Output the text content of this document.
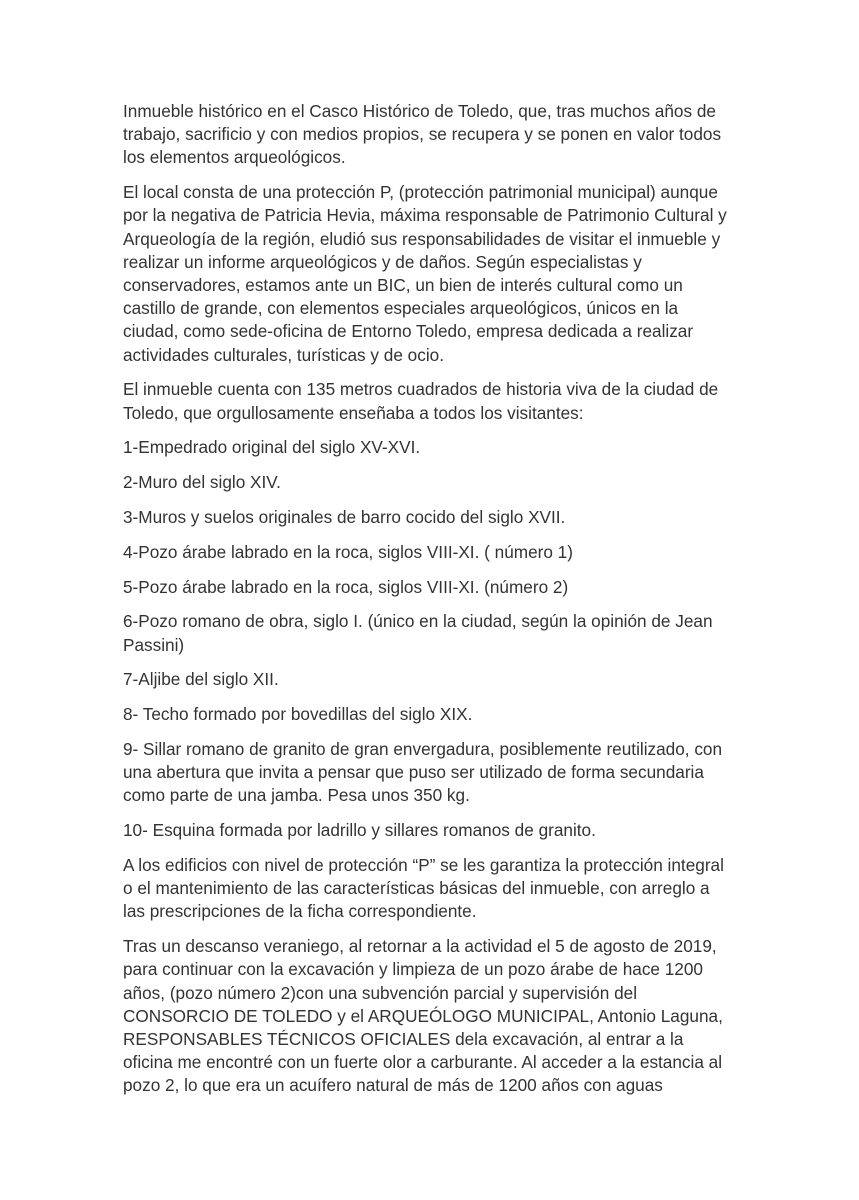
Inmueble histórico en el Casco Histórico de Toledo, que, tras muchos años de trabajo, sacrificio y con medios propios, se recupera y se ponen en valor todos los elementos arqueológicos.

El local consta de una protección P, (protección patrimonial municipal) aunque por la negativa de Patricia Hevia, máxima responsable de Patrimonio Cultural y Arqueología de la región, eludió sus responsabilidades de visitar el inmueble y realizar un informe arqueológicos y de daños. Según especialistas y conservadores, estamos ante un BIC, un bien de interés cultural como un castillo de grande, con elementos especiales arqueológicos, únicos en la ciudad, como sede-oficina de Entorno Toledo, empresa dedicada a realizar actividades culturales, turísticas y de ocio.

El inmueble cuenta con 135 metros cuadrados de historia viva de la ciudad de Toledo, que orgullosamente enseñaba a todos los visitantes:

1-Empedrado original del siglo XV-XVI.

2-Muro del siglo XIV.

3-Muros y suelos originales de barro cocido del siglo XVII.

4-Pozo árabe labrado en la roca, siglos VIII-XI. ( número 1)

5-Pozo árabe labrado en la roca, siglos VIII-XI. (número 2)

6-Pozo romano de obra, siglo I. (único en la ciudad, según la opinión de Jean Passini)

7-Aljibe del siglo XII.

8- Techo formado por bovedillas del siglo XIX.

9- Sillar romano de granito de gran envergadura, posiblemente reutilizado, con una abertura que invita a pensar que puso ser utilizado de forma secundaria como parte de una jamba. Pesa unos 350 kg.

10- Esquina formada por ladrillo y sillares romanos de granito.

A los edificios con nivel de protección “P” se les garantiza la protección integral o el mantenimiento de las características básicas del inmueble, con arreglo a las prescripciones de la ficha correspondiente.

Tras un descanso veraniego, al retornar a la actividad el 5 de agosto de 2019, para continuar con la excavación y limpieza de un pozo árabe de hace 1200 años, (pozo número 2)con una subvención parcial y supervisión del CONSORCIO DE TOLEDO y el ARQUEÓLOGO MUNICIPAL, Antonio Laguna, RESPONSABLES TÉCNICOS OFICIALES dela excavación, al entrar a la oficina me encontré con un fuerte olor a carburante. Al acceder a la estancia al pozo 2, lo que era un acuífero natural de más de 1200 años con aguas
